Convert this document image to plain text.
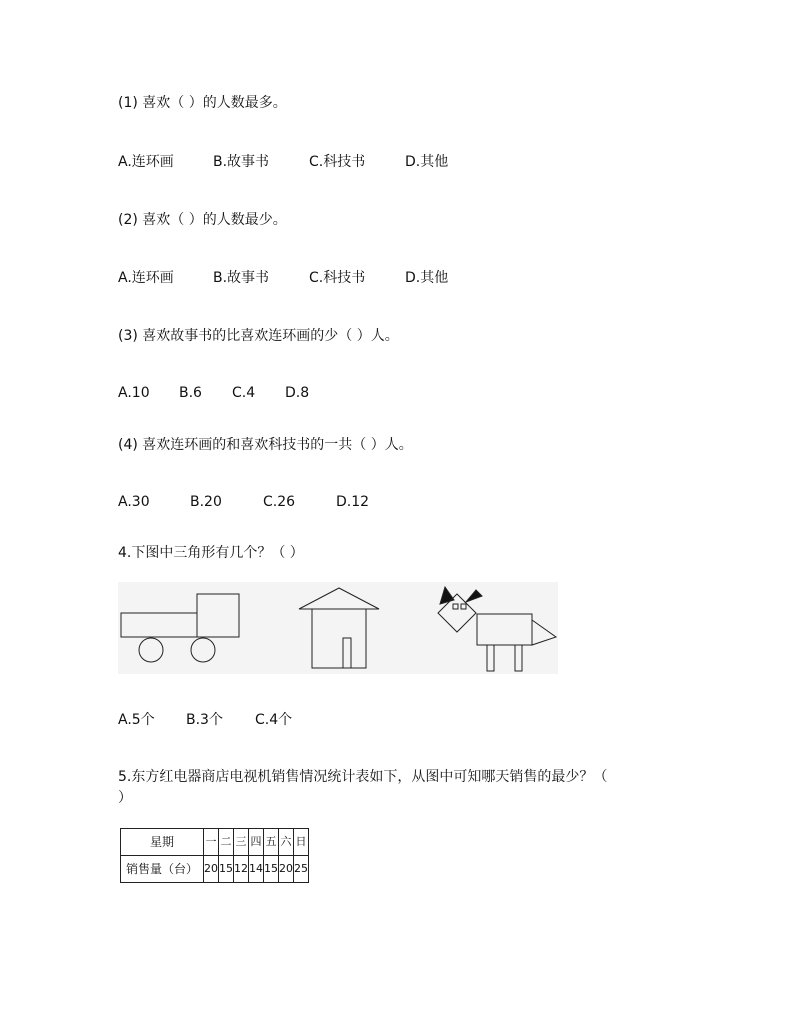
(1) 喜欢（ ）的人数最多。
A.连环画	B.故事书	C.科技书	D.其他
(2) 喜欢（ ）的人数最少。
A.连环画	B.故事书	C.科技书	D.其他
(3) 喜欢故事书的比喜欢连环画的少（ ）人。
A.10 B.6 C.4 D.8
(4) 喜欢连环画的和喜欢科技书的一共（ ）人。
A.30	B.20	C.26	D.12
4.下图中三角形有几个？（ ）
A.5个 B.3个 C.4个
5.东方红电器商店电视机销售情况统计表如下，从图中可知哪天销售的最少？（
）
星期	一	二	三	四	五	六	日
销售量（台）	20	15	12	14	15	20	25
